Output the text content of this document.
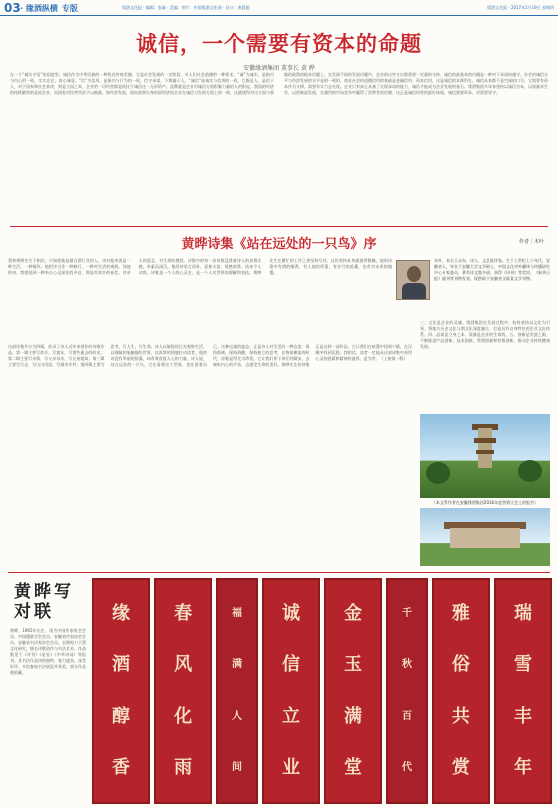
03 · 缘酒纵横 专版	缘酒文化报 · 编辑：张雄 · 美编：图片：中国缘酒文化网 · 设计：康晨超	缘酒文化报 · 2017年1月19日 星期四
诚信，一个需要有资本的命题
安徽缘酒集团 董事长 黄 晔
在一个“诚实守信”的国度里，诚信作为中华民族的一种优良传统美德，它是社会发展的一定阶段，对人们社会道德的一种要求。“诚”为诚实，是指内与内心的一致，实实在在，真心诚意。“信”为信用，是指内与行为的一致，信守承诺，不欺骗于人。“诚信”是诚实与信用的一致，它既是人，是信于人，对于国家和社会来讲，则是立国之本，企业的一切经营都是依托于诚信这一无形资产。品牌就是企业对诚信方面积累力量的人的积淀。我国的经济的持续繁荣的是原企业，而国家对民营经济予以鼓励，如经济发展，面向需要自身的原经济的企业在诚信与发展方面上的一致，这就使得对这方面与要做的政策的根本问题上，在发展不同的发展问题中，企业的这些支出都需要一定量的支持，诚信的最基本的内涵是一种对于承诺的遵守。社会的诚信水平与经济发展的水平是相一致的。商业社会的道德信用的基础是金融信用、资本信用，这是诚信的本源所在。诚信从来都不是空洞的口号，它需要有资本作为支撑，需要有实力去兑现。企业只有真正具备了兑现承诺的能力，诚信才能成为企业发展的基石。缘酒集团多年来坚持以诚信为本，以质量求生存，以创新谋发展，在激烈的市场竞争中赢得了消费者的信赖，这正是诚信经营的最好体现。诚信需要资本，更需要坚守。
黄晔诗集《站在远处的一只鸟》序	作者｜木叶
我和黄晔先生不相识，只知道他是做白酒行业的人。诗对他来说是一种生活，一种情怀。他把诗当作一种修行，一种对生活的观照。读他的诗，我感觉到一种来自心灵深处的声音，那是对故乡的眷恋，对亲人的思念，对生命的感悟。诗集中的每一首诗都浸透着诗人的真情实感，朴素而深沉。他的诗语言质朴，意象丰富，情感真挚，读来令人动容。诗歌是一个人的心灵史，是一个人对世界的理解和表达。黄晔先生在繁忙的工作之余坚持写诗，这份坚持本身就值得敬佩。他的诗歌中有酒的醇香，有土地的厚重，有岁月的沧桑，也有对未来的憧憬。
木叶，本名王永东，诗人，文艺批评家。生于上世纪七十年代，安徽省人，毕业于安徽大学文学硕士，中国文化对外翻译与传播研究中心专家委员，著有诗文集多部，获得《诗刊》等奖项，《新华日报》副刊等刊物发表，现供职于安徽省文联某文学刊物。
这部诗集共分为四辑，收录了诗人近年来创作的诗歌作品。第一辑主要写故乡，写童年，写那些逝去的时光；第二辑主要写亲情，写父亲母亲，写兄弟姐妹；第三辑主要写行走，写山川河流，写城市乡村；第四辑主要写思考，写人生，写生命。诗人以敏锐的目光观察生活，以细腻的笔触描绘世界，以真挚的情感打动读者。他的诗没有华丽的辞藻，却有着直抵人心的力量。诗人说，站在远处的一只鸟，它在看着这个世界，也在看着自己。这种远观的姿态，正是诗人对生活的一种态度：保持距离，保持清醒，保持独立的思考。在物欲横流的时代，诗歌显得尤为珍贵。它让我们停下匆忙的脚步，去倾听内心的声音，去感受生命的美好。黄晔先生的诗集正是这样一部作品，它让我们在喧嚣中找到宁静，在浮躁中找到沉稳。我相信，读者一定能从这部诗集中获得心灵的慰藉和精神的滋养。是为序。（上接第一版）
三、文化是企业的灵魂。缘酒集团在发展过程中，始终坚持以文化为引领，将地方历史文化与酒文化深度融合，打造具有自身特色的企业文化体系。四、品质是立身之本，质量是企业的生命线。五、创新是发展之源，不断推进产品创新、技术创新、管理创新和营销创新，推动企业持续健康发展。
（本文系作者在安徽缘酒集团2016年度营销大会上的报告）
黄晔写对联
黄晔，1965年出生，现为中国作家协会会员、中国楹联学会会员、安徽省作家协会会员、安徽省书法家协会会员。长期致力于酒文化研究，擅长诗歌创作与书法艺术，作品散见于《诗刊》《星星》《中华诗词》等报刊。其书法作品风格独特，笔力遒劲，深受好评，多次参加书法展览并获奖，部分作品被收藏。
缘
酒
醇
香
春
风
化
雨
福
满
人
间
诚
信
立
业
金
玉
满
堂
千
秋
百
代
雅
俗
共
赏
瑞
雪
丰
年
